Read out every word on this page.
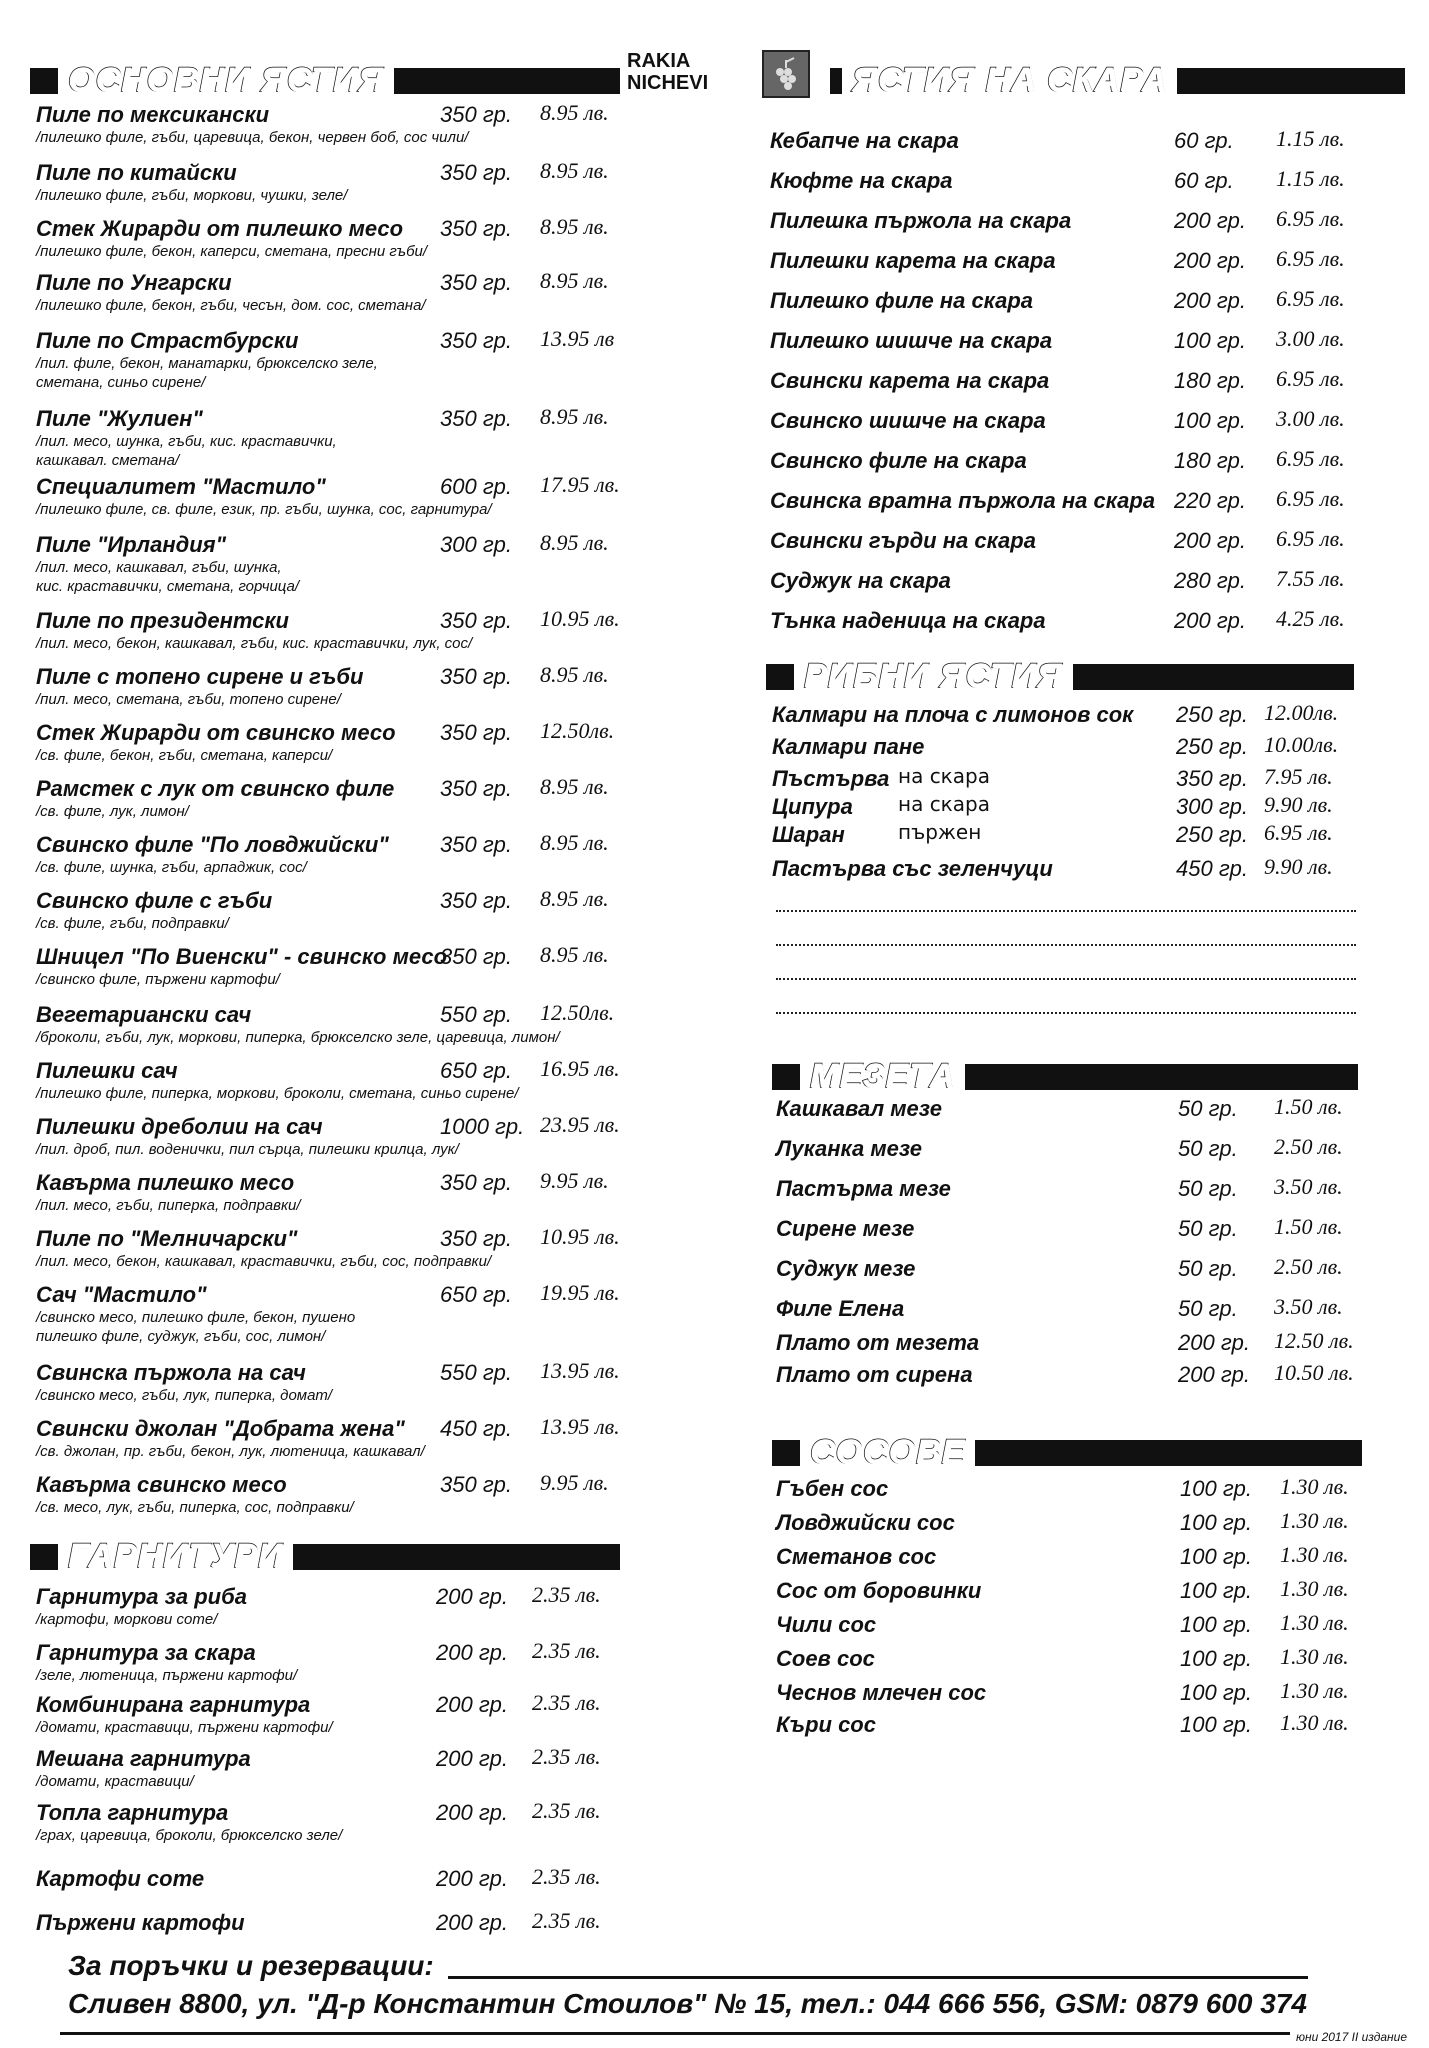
RAKIA
NICHEVI
ОСНОВНИ ЯСТИЯ	ЯСТИЯ НА СКАРА
РИБНИ ЯСТИЯ
МЕЗЕТА
СОСОВЕ
ГАРНИТУРИ
Пиле по мексикански
/пилешко филе, гъби, царевица, бекон, червен боб, сос чили/
350 гр. 8.95 лв.
Пиле по китайски
/пилешко филе, гъби, моркови, чушки, зеле/
350 гр. 8.95 лв.
Стек Жирарди от пилешко месо
/пилешко филе, бекон, каперси, сметана, пресни гъби/
350 гр. 8.95 лв.
Пиле по Унгарски
/пилешко филе, бекон, гъби, чесън, дом. сос, сметана/
350 гр. 8.95 лв.
Пиле по Страстбурски
/пил. филе, бекон, манатарки, брюкселско зеле,
сметана, синьо сирене/
350 гр. 13.95 лв
Пиле "Жулиен"
/пил. месо, шунка, гъби, кис. краставички,
кашкавал. сметана/
350 гр. 8.95 лв.
Специалитет "Мастило"
/пилешко филе, св. филе, език, пр. гъби, шунка, сос, гарнитура/
600 гр. 17.95 лв.
Пиле "Ирландия"
/пил. месо, кашкавал, гъби, шунка,
кис. краставички, сметана, горчица/
300 гр. 8.95 лв.
Пиле по президентски
/пил. месо, бекон, кашкавал, гъби, кис. краставички, лук, сос/
350 гр. 10.95 лв.
Пиле с топено сирене и гъби
/пил. месо, сметана, гъби, топено сирене/
350 гр. 8.95 лв.
Стек Жирарди от свинско месо
/св. филе, бекон, гъби, сметана, каперси/
350 гр. 12.50лв.
Рамстек с лук от свинско филе
/св. филе, лук, лимон/
350 гр. 8.95 лв.
Свинско филе "По ловджийски"
/св. филе, шунка, гъби, арпаджик, сос/
350 гр. 8.95 лв.
Свинско филе с гъби
/св. филе, гъби, подправки/
350 гр. 8.95 лв.
Шницел "По Виенски" - свинско месо
/свинско филе, пържени картофи/
350 гр. 8.95 лв.
Вегетариански сач
/броколи, гъби, лук, моркови, пиперка, брюкселско зеле, царевица, лимон/
550 гр. 12.50лв.
Пилешки сач
/пилешко филе, пиперка, моркови, броколи, сметана, синьо сирене/
650 гр. 16.95 лв.
Пилешки дреболии на сач
/пил. дроб, пил. воденички, пил сърца, пилешки крилца, лук/
1000 гр. 23.95 лв.
Кавърма пилешко месо
/пил. месо, гъби, пиперка, подправки/
350 гр. 9.95 лв.
Пиле по "Мелничарски"
/пил. месо, бекон, кашкавал, краставички, гъби, сос, подправки/
350 гр. 10.95 лв.
Сач "Мастило"
/свинско месо, пилешко филе, бекон, пушено
пилешко филе, суджук, гъби, сос, лимон/
650 гр. 19.95 лв.
Свинска пържола на сач
/свинско месо, гъби, лук, пиперка, домат/
550 гр. 13.95 лв.
Свински джолан "Добрата жена"
/св. джолан, пр. гъби, бекон, лук, лютеница, кашкавал/
450 гр. 13.95 лв.
Кавърма свинско месо
/св. месо, лук, гъби, пиперка, сос, подправки/
350 гр. 9.95 лв.
Гарнитура за риба
/картофи, моркови соте/
200 гр. 2.35 лв.
Гарнитура за скара
/зеле, лютеница, пържени картофи/
200 гр. 2.35 лв.
Комбинирана гарнитура
/домати, краставици, пържени картофи/
200 гр. 2.35 лв.
Мешана гарнитура
/домати, краставици/
200 гр. 2.35 лв.
Топла гарнитура
/грах, царевица, броколи, брюкселско зеле/
200 гр. 2.35 лв.
Картофи соте	200 гр. 2.35 лв.
Пържени картофи	200 гр. 2.35 лв.
Кебапче на скара	60 гр. 1.15 лв.
Кюфте на скара	60 гр. 1.15 лв.
Пилешка пържола на скара	200 гр. 6.95 лв.
Пилешки карета на скара	200 гр. 6.95 лв.
Пилешко филе на скара	200 гр. 6.95 лв.
Пилешко шишче на скара	100 гр. 3.00 лв.
Свински карета на скара	180 гр. 6.95 лв.
Свинско шишче на скара	100 гр. 3.00 лв.
Свинско филе на скара	180 гр. 6.95 лв.
Свинска вратна пържола на скара 220 гр. 6.95 лв.
Свински гърди на скара	200 гр. 6.95 лв.
Суджук на скара	280 гр. 7.55 лв.
Тънка наденица на скара	200 гр. 4.25 лв.
Калмари на плоча с лимонов сок 250 гр. 12.00лв.
Калмари пане	250 гр. 10.00лв.
Пъстърва на скара	350 гр. 7.95 лв.
Ципура на скара	300 гр. 9.90 лв.
Шаран	пържен	250 гр. 6.95 лв.
Пастърва със зеленчуци	450 гр. 9.90 лв.
Кашкавал мезе	50 гр. 1.50 лв.
Луканка мезе	50 гр. 2.50 лв.
Пастърма мезе	50 гр. 3.50 лв.
Сирене мезе	50 гр. 1.50 лв.
Суджук мезе	50 гр. 2.50 лв.
Филе Елена	50 гр. 3.50 лв.
Плато от мезета	200 гр. 12.50 лв.
Плато от сирена	200 гр. 10.50 лв.
Гъбен сос	100 гр. 1.30 лв.
Ловджийски сос	100 гр. 1.30 лв.
Сметанов сос	100 гр. 1.30 лв.
Сос от боровинки	100 гр. 1.30 лв.
Чили сос	100 гр. 1.30 лв.
Соев сос	100 гр. 1.30 лв.
Чеснов млечен сос	100 гр. 1.30 лв.
Къри сос	100 гр. 1.30 лв.
За поръчки и резервации:
Сливен 8800, ул. "Д-р Константин Стоилов" № 15, тел.: 044 666 556, GSM: 0879 600 374
юни 2017 II издание
